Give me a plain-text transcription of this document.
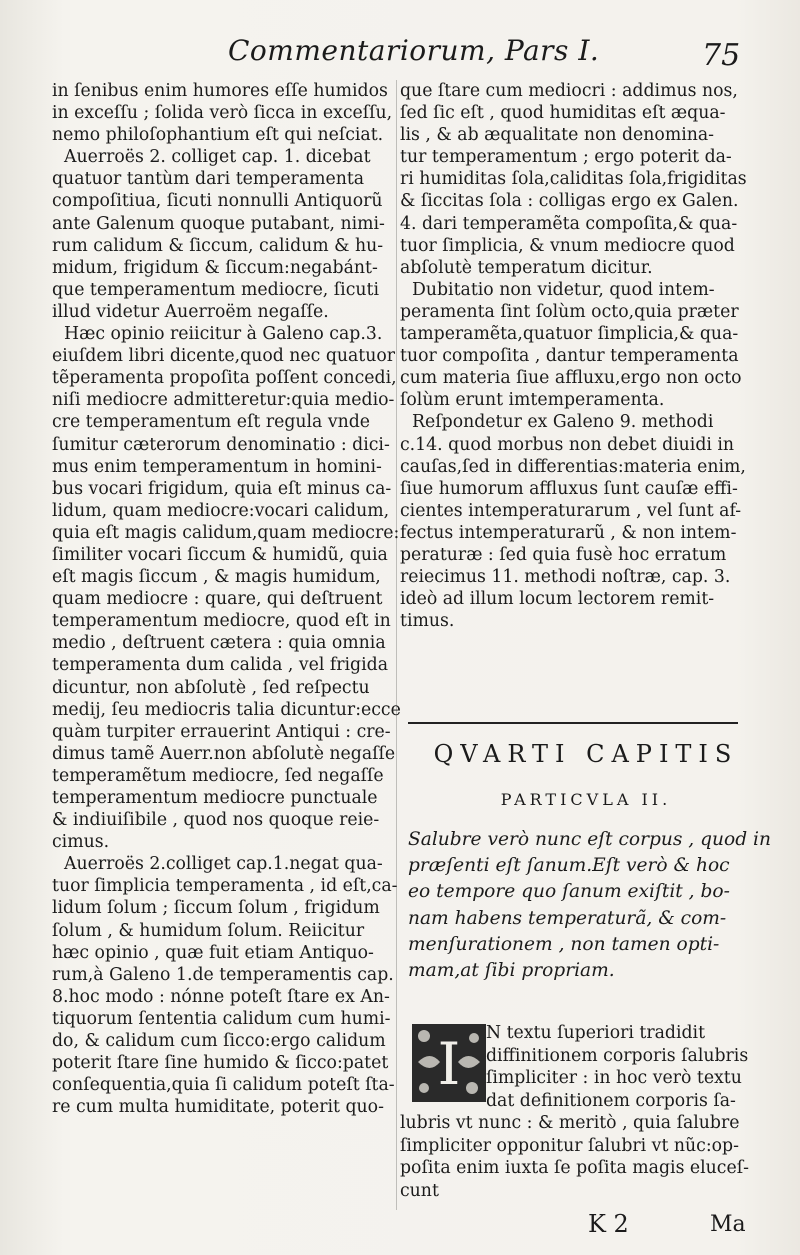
Commentariorum, Pars I.	75
in ſenibus enim humores eſſe humidos
in exceſſu ; ſolida verò ſicca in exceſſu,
nemo philoſophantium eſt qui neſciat.
Auerroës 2. colliget cap. 1. dicebat
quatuor tantùm dari temperamenta
compoſitiua, ſicuti nonnulli Antiquorũ
ante Galenum quoque putabant, nimi-
rum calidum & ſiccum, calidum & hu-
midum, frigidum & ſiccum:negabánt-
que temperamentum mediocre, ſicuti
illud videtur Auerroëm negaſſe.
Hæc opinio reiicitur à Galeno cap.3.
eiuſdem libri dicente,quod nec quatuor
tẽperamenta propoſita poſſent concedi,
niſi mediocre admitteretur:quia medio-
cre temperamentum eſt regula vnde
ſumitur cæterorum denominatio : dici-
mus enim temperamentum in homini-
bus vocari frigidum, quia eſt minus ca-
lidum, quam mediocre:vocari calidum,
quia eſt magis calidum,quam mediocre:
ſimiliter vocari ſiccum & humidũ, quia
eſt magis ſiccum , & magis humidum,
quam mediocre : quare, qui deſtruent
temperamentum mediocre, quod eſt in
medio , deſtruent cætera : quia omnia
temperamenta dum calida , vel frigida
dicuntur, non abſolutè , ſed reſpectu
medij, ſeu mediocris talia dicuntur:ecce
quàm turpiter errauerint Antiqui : cre-
dimus tamẽ Auerr.non abſolutè negaſſe
temperamẽtum mediocre, ſed negaſſe
temperamentum mediocre punctuale
& indiuiſibile , quod nos quoque reie-
cimus.
Auerroës 2.colliget cap.1.negat qua-
tuor ſimplicia temperamenta , id eſt,ca-
lidum ſolum ; ſiccum ſolum , frigidum
ſolum , & humidum ſolum. Reiicitur
hæc opinio , quæ fuit etiam Antiquo-
rum,à Galeno 1.de temperamentis cap.
8.hoc modo : nónne poteſt ſtare ex An-
tiquorum ſententia calidum cum humi-
do, & calidum cum ſicco:ergo calidum
poterit ſtare ſine humido & ſicco:patet
conſequentia,quia ſi calidum poteſt ſta-
re cum multa humiditate, poterit quo-
que ſtare cum mediocri : addimus nos,
ſed ſic eſt , quod humiditas eſt æqua-
lis , & ab æqualitate non denomina-
tur temperamentum ; ergo poterit da-
ri humiditas ſola,caliditas ſola,frigiditas
& ſiccitas ſola : colligas ergo ex Galen.
4. dari temperamẽta compoſita,& qua-
tuor ſimplicia, & vnum mediocre quod
abſolutè temperatum dicitur.
Dubitatio non videtur, quod intem-
peramenta ſint ſolùm octo,quia præter
tamperamẽta,quatuor ſimplicia,& qua-
tuor compoſita , dantur temperamenta
cum materia ſiue affluxu,ergo non octo
ſolùm erunt imtemperamenta.
Reſpondetur ex Galeno 9. methodi
c.14. quod morbus non debet diuidi in
cauſas,ſed in differentias:materia enim,
ſiue humorum affluxus ſunt cauſæ effi-
cientes intemperaturarum , vel ſunt af-
fectus intemperaturarũ , & non intem-
peraturæ : ſed quia fusè hoc erratum
reiecimus 11. methodi noſtræ, cap. 3.
ideò ad illum locum lectorem remit-
timus.
QVARTI CAPITIS
PARTICVLA II.
Salubre verò nunc eſt corpus , quod in
præſenti eſt ſanum.Eſt verò & hoc
eo tempore quo ſanum exiſtit , bo-
nam habens temperaturã, & com-
menſurationem , non tamen opti-
mam,at ſibi propriam.
I	N textu ſuperiori tradidit
diffinitionem corporis ſalubris
ſimpliciter : in hoc verò textu
dat definitionem corporis ſa-
lubris vt nunc : & meritò , quia ſalubre
ſimpliciter opponitur ſalubri vt nũc:op-
poſita enim iuxta ſe poſita magis eluceſ-
cunt
K 2	Ma
